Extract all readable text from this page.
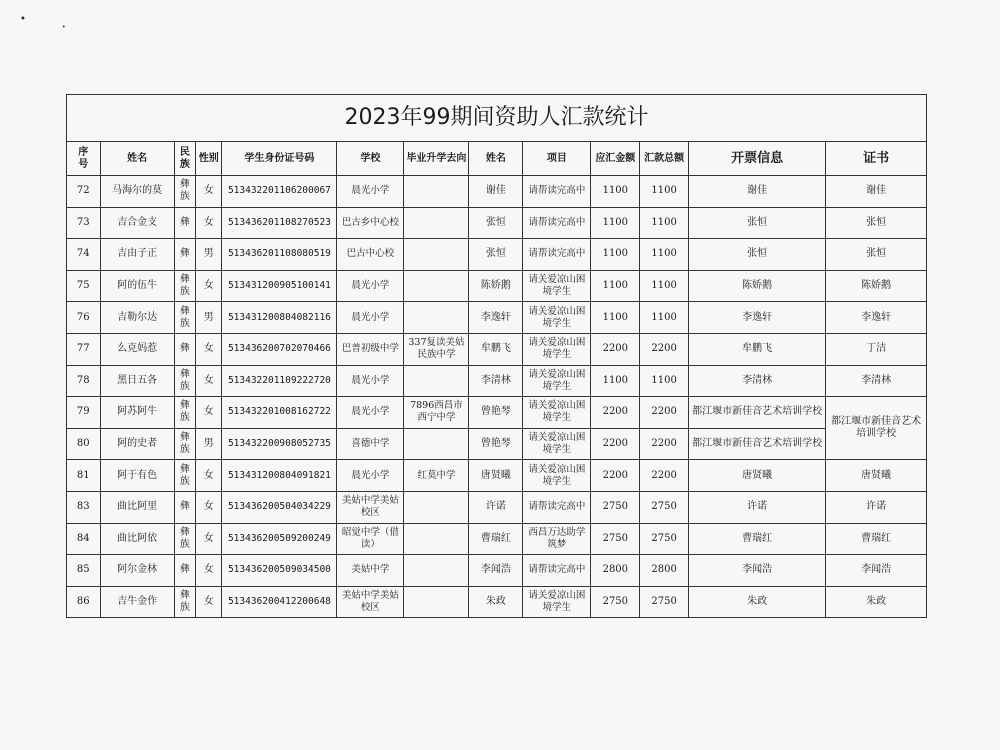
•
•
2023年99期间资助人汇款统计												
序号	姓名	民族	性别	学生身份证号码	学校	毕业升学去向	姓名	项目	应汇金额	汇款总额	开票信息	证书
72	马海尔的莫	彝族	女	513432201106200067	晨光小学		谢佳	请帮读完高中	1100	1100	谢佳	谢佳
73	吉合金支	彝	女	513436201108270523	巴古乡中心校		张恒	请帮读完高中	1100	1100	张恒	张恒
74	吉由子正	彝	男	513436201108080519	巴古中心校		张恒	请帮读完高中	1100	1100	张恒	张恒
75	阿的伍牛	彝族	女	513431200905100141	晨光小学		陈娇鹅	请关爱凉山困境学生	1100	1100	陈娇鹅	陈娇鹅
76	吉勒尔达	彝族	男	513431200804082116	晨光小学		李逸轩	请关爱凉山困境学生	1100	1100	李逸轩	李逸轩
77	么克妈惹	彝	女	513436200702070466	巴普初级中学	337复读美姑民族中学	牟鹏飞	请关爱凉山困境学生	2200	2200	牟鹏飞	丁洁
78	黑日五各	彝族	女	513432201109222720	晨光小学		李清林	请关爱凉山困境学生	1100	1100	李清林	李清林
79	阿苏阿牛	彝族	女	513432201008162722	晨光小学	7896西昌市西宁中学	曾艳琴	请关爱凉山困境学生	2200	2200	都江堰市新佳音艺术培训学校	都江堰市新佳音艺术培训学校
80	阿的史者	彝族	男	513432200908052735	喜德中学		曾艳琴	请关爱凉山困境学生	2200	2200	都江堰市新佳音艺术培训学校	
81	阿于有色	彝族	女	513431200804091821	晨光小学	红莫中学	唐贤曦	请关爱凉山困境学生	2200	2200	唐贤曦	唐贤曦
83	曲比阿里	彝	女	513436200504034229	美姑中学美姑校区		许诺	请帮读完高中	2750	2750	许诺	许诺
84	曲比阿依	彝族	女	513436200509200249	昭觉中学（借读）		曹瑞红	西昌万达助学筑梦	2750	2750	曹瑞红	曹瑞红
85	阿尔金林	彝	女	513436200509034500	美姑中学		李闻浩	请帮读完高中	2800	2800	李闻浩	李闻浩
86	吉牛金作	彝族	女	513436200412200648	美姑中学美姑校区		朱政	请关爱凉山困境学生	2750	2750	朱政	朱政
